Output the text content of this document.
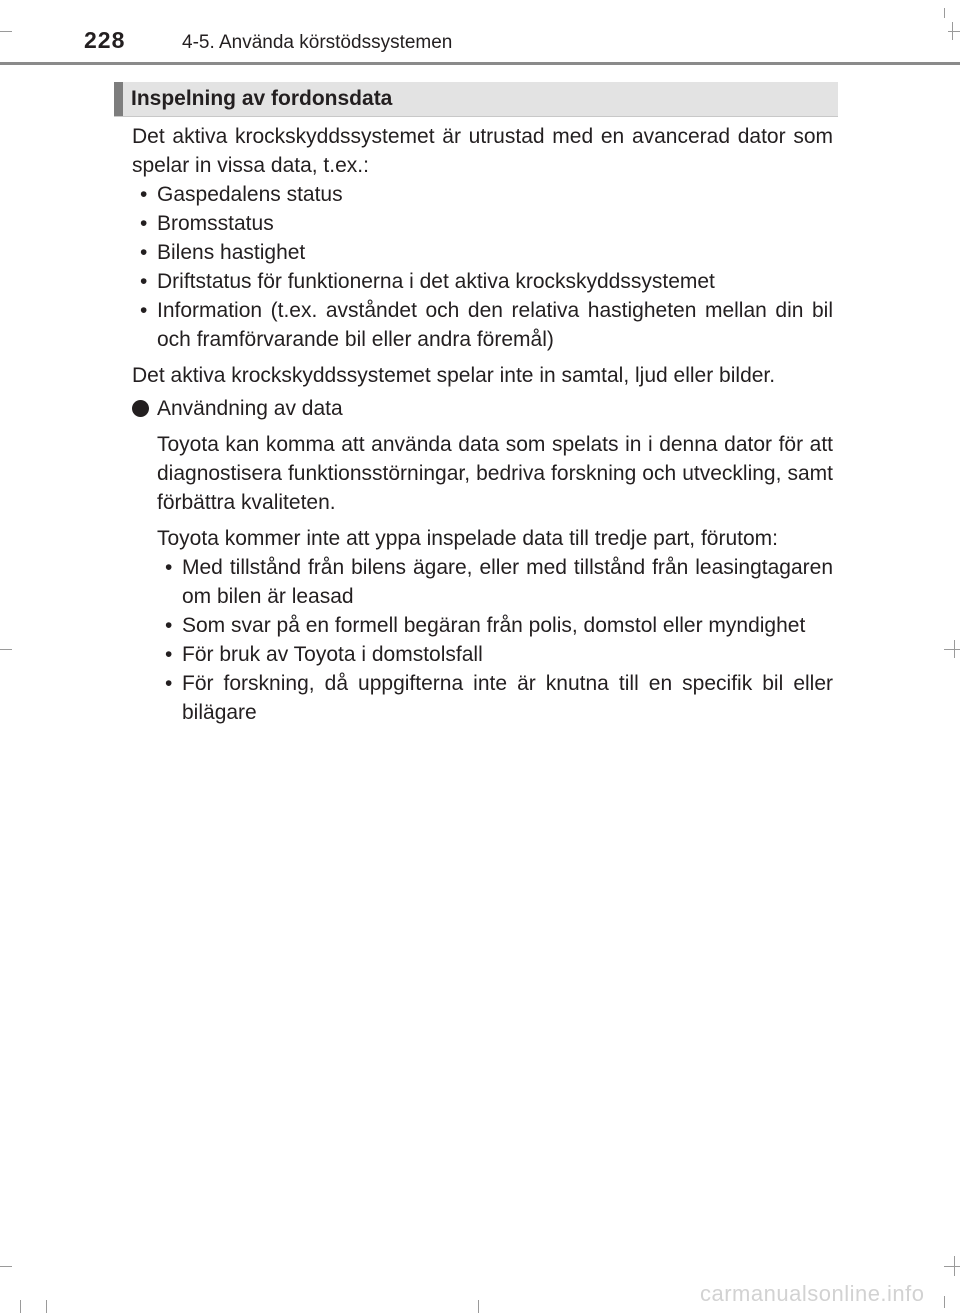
228	4-5. Använda körstödssystemen
Inspelning av fordonsdata

Det aktiva krockskyddssystemet är utrustad med en avancerad dator som spelar in vissa data, t.ex.:

• Gaspedalens status
• Bromsstatus
• Bilens hastighet
• Driftstatus för funktionerna i det aktiva krockskyddssystemet
• Information (t.ex. avståndet och den relativa hastigheten mellan din bil och framförvarande bil eller andra föremål)

Det aktiva krockskyddssystemet spelar inte in samtal, ljud eller bilder.

Användning av data

Toyota kan komma att använda data som spelats in i denna dator för att diagnostisera funktionsstörningar, bedriva forskning och utveckling, samt förbättra kvaliteten.

Toyota kommer inte att yppa inspelade data till tredje part, förutom:

• Med tillstånd från bilens ägare, eller med tillstånd från leasingtagaren om bilen är leasad
• Som svar på en formell begäran från polis, domstol eller myndighet
• För bruk av Toyota i domstolsfall
• För forskning, då uppgifterna inte är knutna till en specifik bil eller bilägare
carmanualsonline.info
